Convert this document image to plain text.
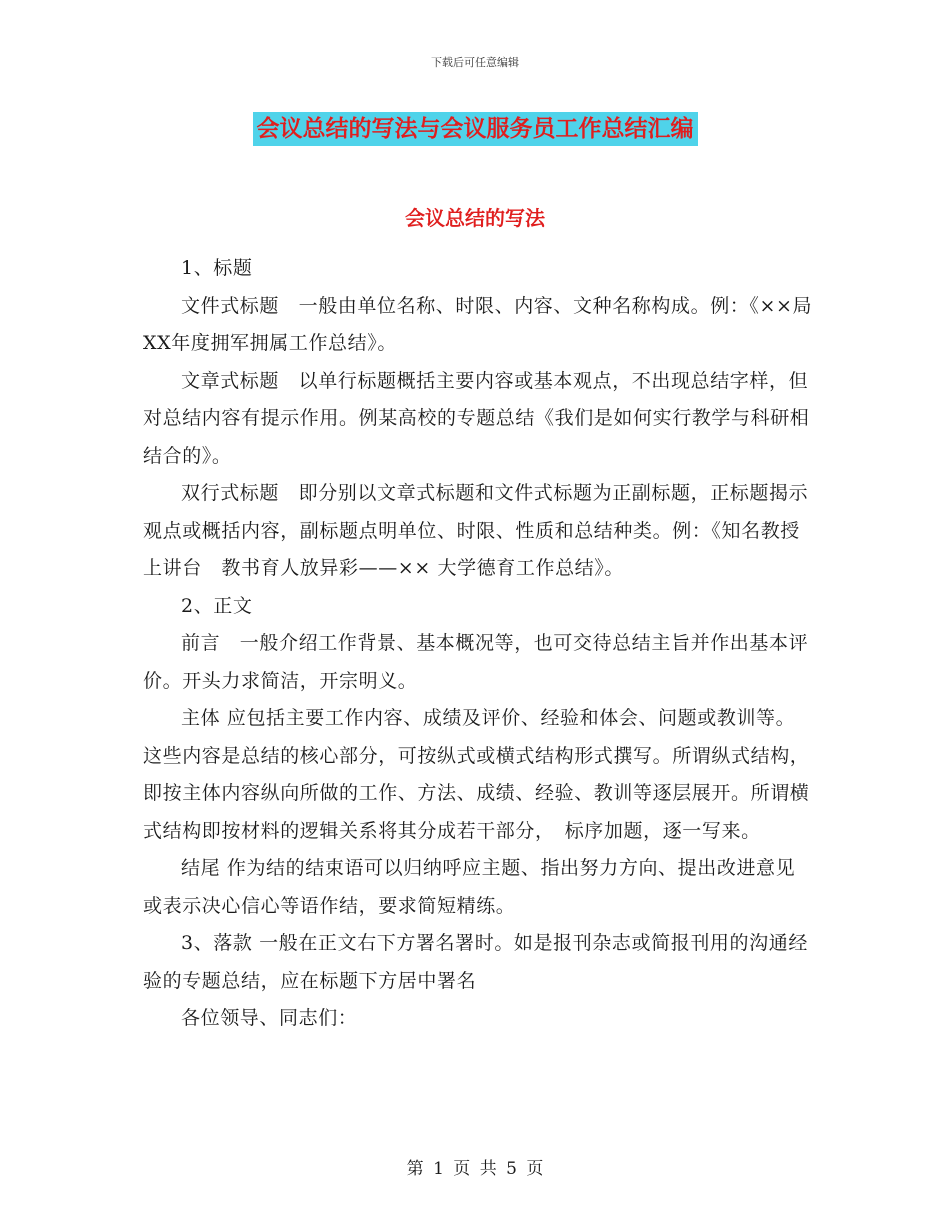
下载后可任意编辑
会议总结的写法与会议服务员工作总结汇编
会议总结的写法

1、标题

文件式标题　一般由单位名称、时限、内容、文种名称构成。例：《××局 XX年度拥军拥属工作总结》。

文章式标题　以单行标题概括主要内容或基本观点，不出现总结字样，但对总结内容有提示作用。例某高校的专题总结《我们是如何实行教学与科研相结合的》。

双行式标题　即分别以文章式标题和文件式标题为正副标题，正标题揭示观点或概括内容，副标题点明单位、时限、性质和总结种类。例：《知名教授上讲台　教书育人放异彩——×× 大学德育工作总结》。

2、正文

前言　一般介绍工作背景、基本概况等，也可交待总结主旨并作出基本评价。开头力求简洁，开宗明义。

主体 应包括主要工作内容、成绩及评价、经验和体会、问题或教训等。这些内容是总结的核心部分，可按纵式或横式结构形式撰写。所谓纵式结构，即按主体内容纵向所做的工作、方法、成绩、经验、教训等逐层展开。所谓横式结构即按材料的逻辑关系将其分成若干部分，　标序加题，逐一写来。

结尾 作为结的结束语可以归纳呼应主题、指出努力方向、提出改进意见或表示决心信心等语作结，要求简短精练。

3、落款 一般在正文右下方署名署时。如是报刊杂志或简报刊用的沟通经验的专题总结，应在标题下方居中署名

各位领导、同志们：

第 1 页 共 5 页
